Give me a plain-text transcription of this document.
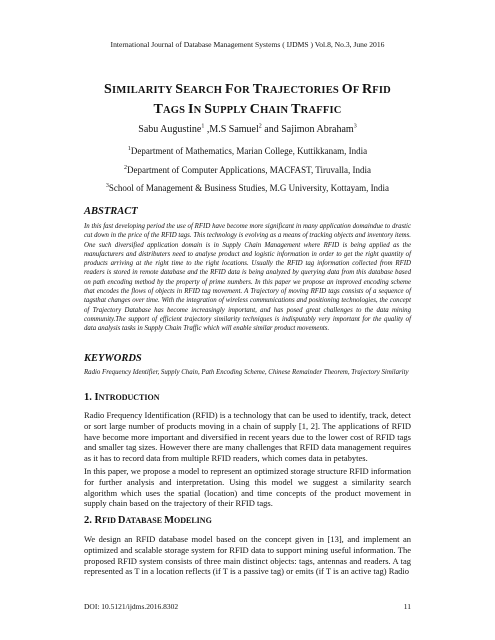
International Journal of Database Management Systems ( IJDMS ) Vol.8, No.3, June 2016
SIMILARITY SEARCH FOR TRAJECTORIES OF RFID
TAGS IN SUPPLY CHAIN TRAFFIC
Sabu Augustine$^1$ ,M.S Samuel$^2$ and Sajimon Abraham$^3$
$^1$Department of Mathematics, Marian College, Kuttikkanam, India
$^2$Department of Computer Applications, MACFAST, Tiruvalla, India
$^3$School of Management & Business Studies, M.G University, Kottayam, India
ABSTRACT
In this fast developing period the use of RFID have become more significant in many application domaindue to drastic cut down in the price of the RFID tags. This technology is evolving as a means of tracking objects and inventory items. One such diversified application domain is in Supply Chain Management where RFID is being applied as the manufacturers and distributers need to analyse product and logistic information in order to get the right quantity of products arriving at the right time to the right locations. Usually the RFID tag information collected from RFID readers is stored in remote database and the RFID data is being analyzed by querying data from this database based on path encoding method by the property of prime numbers. In this paper we propose an improved encoding scheme that encodes the flows of objects in RFID tag movement. A Trajectory of moving RFID tags consists of a sequence of tagsthat changes over time. With the integration of wireless communications and positioning technologies, the concept of Trajectory Database has become increasingly important, and has posed great challenges to the data mining community.The support of efficient trajectory similarity techniques is indisputably very important for the quality of data analysis tasks in Supply Chain Traffic which will enable similar product movements.
KEYWORDS
Radio Frequency Identifier, Supply Chain, Path Encoding Scheme, Chinese Remainder Theorem, Trajectory Similarity
1. INTRODUCTION
Radio Frequency Identification (RFID) is a technology that can be used to identify, track, detect or sort large number of products moving in a chain of supply [1, 2]. The applications of RFID have become more important and diversified in recent years due to the lower cost of RFID tags and smaller tag sizes. However there are many challenges that RFID data management requires as it has to record data from multiple RFID readers, which comes data in petabytes.
In this paper, we propose a model to represent an optimized storage structure RFID information for further analysis and interpretation. Using this model we suggest a similarity search algorithm which uses the spatial (location) and time concepts of the product movement in supply chain based on the trajectory of their RFID tags.
2. RFID DATABASE MODELING
We design an RFID database model based on the concept given in [13], and implement an optimized and scalable storage system for RFID data to support mining useful information. The proposed RFID system consists of three main distinct objects: tags, antennas and readers. A tag represented as T in a location reflects (if T is a passive tag) or emits (if T is an active tag) Radio
DOI: 10.5121/ijdms.2016.8302	11
